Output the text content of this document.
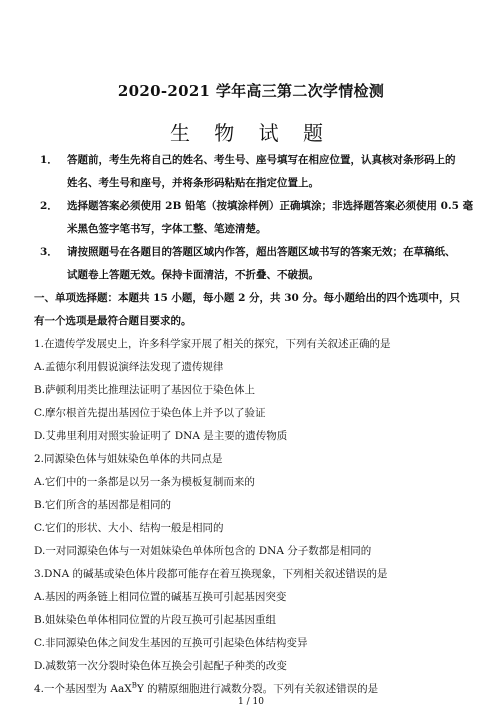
2020-2021 学年高三第二次学情检测
生 物 试 题
1． 答题前，考生先将自己的姓名、考生号、座号填写在相应位置，认真核对条形码上的
姓名、考生号和座号，并将条形码粘贴在指定位置上。
2． 选择题答案必须使用 2B 铅笔（按填涂样例）正确填涂；非选择题答案必须使用 0.5 毫
米黑色签字笔书写，字体工整、笔迹清楚。
3． 请按照题号在各题目的答题区域内作答，超出答题区域书写的答案无效；在草稿纸、
试题卷上答题无效。保持卡面清洁，不折叠、不破损。
一、单项选择题：本题共 15 小题，每小题 2 分，共 30 分。每小题给出的四个选项中，只
有一个选项是最符合题目要求的。
1.在遗传学发展史上，许多科学家开展了相关的探究，下列有关叙述正确的是
A.孟德尔利用假说演绎法发现了遗传规律
B.萨顿利用类比推理法证明了基因位于染色体上
C.摩尔根首先提出基因位于染色体上并予以了验证
D.艾弗里利用对照实验证明了 DNA 是主要的遗传物质
2.同源染色体与姐妹染色单体的共同点是
A.它们中的一条都是以另一条为模板复制而来的
B.它们所含的基因都是相同的
C.它们的形状、大小、结构一般是相同的
D.一对同源染色体与一对姐妹染色单体所包含的 DNA 分子数都是相同的
3.DNA 的碱基或染色体片段都可能存在着互换现象，下列相关叙述错误的是
A.基因的两条链上相同位置的碱基互换可引起基因突变
B.姐妹染色单体相同位置的片段互换可引起基因重组
C.非同源染色体之间发生基因的互换可引起染色体结构变异
D.减数第一次分裂时染色体互换会引起配子种类的改变
4.一个基因型为 AaX$^B$Y 的精原细胞进行减数分裂。下列有关叙述错误的是
1 / 10
